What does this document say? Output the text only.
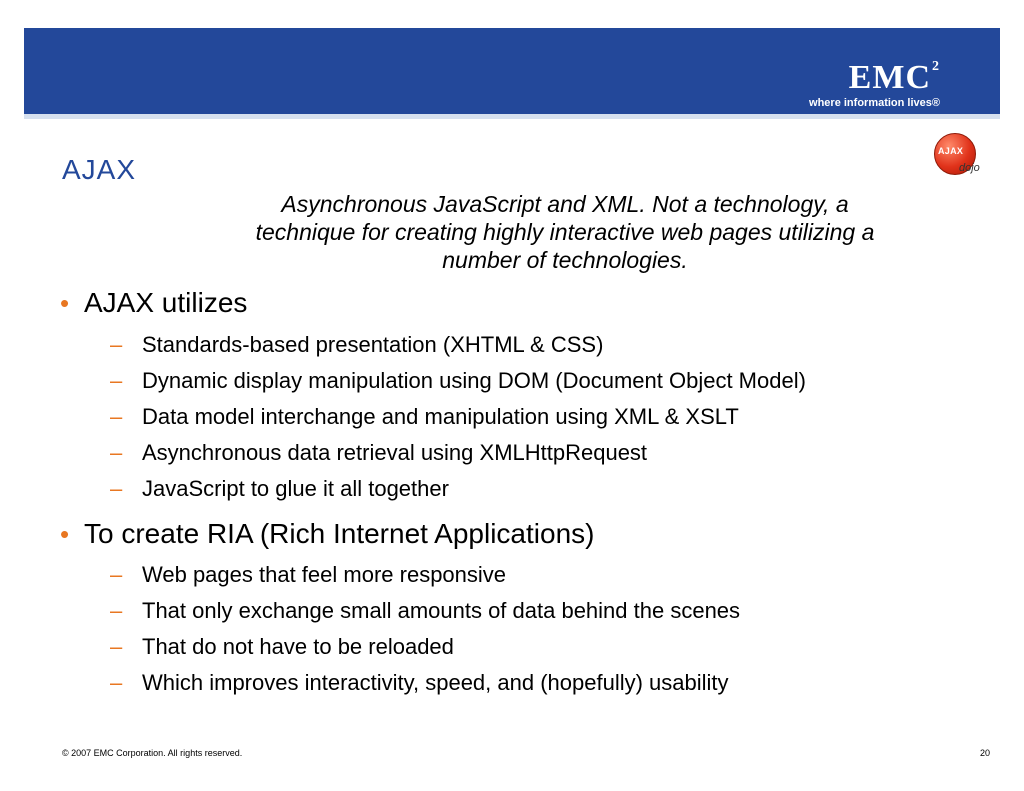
EMC$^2$
where information lives®
AJAX
dojo
AJAX
Asynchronous JavaScript and XML. Not a technology, a
technique for creating highly interactive web pages utilizing a
number of technologies.
• AJAX utilizes
– Standards-based presentation (XHTML & CSS)
– Dynamic display manipulation using DOM (Document Object Model)
– Data model interchange and manipulation using XML & XSLT
– Asynchronous data retrieval using XMLHttpRequest
– JavaScript to glue it all together
• To create RIA (Rich Internet Applications)
– Web pages that feel more responsive
– That only exchange small amounts of data behind the scenes
– That do not have to be reloaded
– Which improves interactivity, speed, and (hopefully) usability
© 2007 EMC Corporation. All rights reserved.	20
